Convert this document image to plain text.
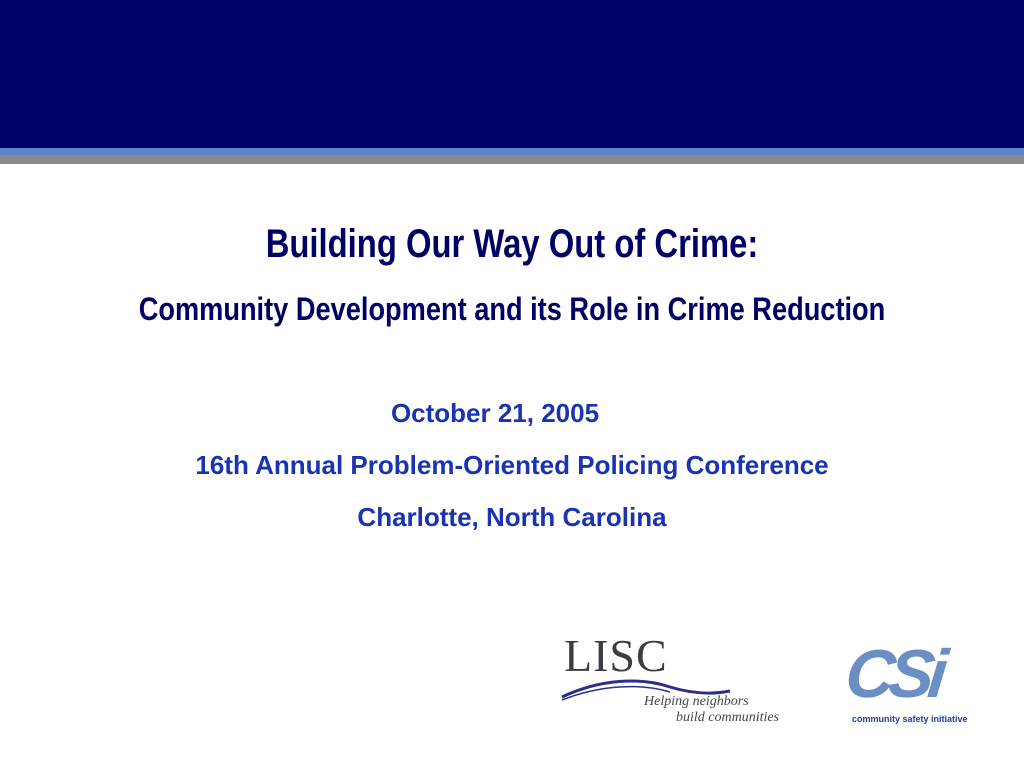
Building Our Way Out of Crime:
Community Development and its Role in Crime Reduction
October 21, 2005
16th Annual Problem-Oriented Policing Conference
Charlotte, North Carolina
LISC
Helping neighbors
build communities
CSi
community safety initiative
